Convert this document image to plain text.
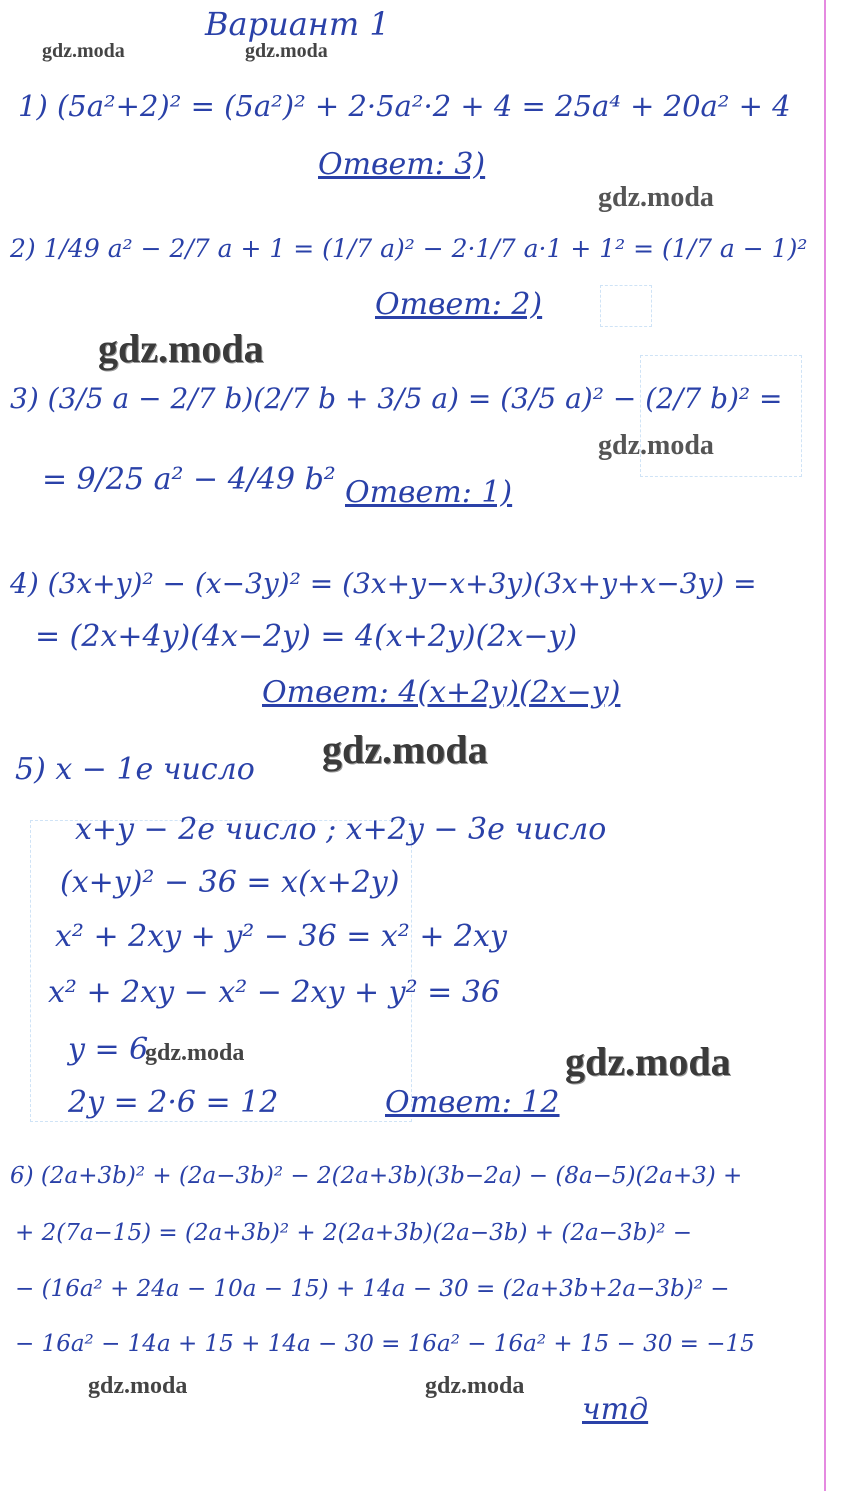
Вариант 1
1) (5a²+2)² = (5a²)² + 2·5a²·2 + 4 = 25a⁴ + 20a² + 4
Ответ: 3)
2) 1/49 a² − 2/7 a + 1 = (1/7 a)² − 2·1/7 a·1 + 1² = (1/7 a − 1)²
Ответ: 2)
3) (3/5 a − 2/7 b)(2/7 b + 3/5 a) = (3/5 a)² − (2/7 b)² =
= 9/25 a² − 4/49 b² Ответ: 1)
4) (3x+y)² − (x−3y)² = (3x+y−x+3y)(3x+y+x−3y) =
= (2x+4y)(4x−2y) = 4(x+2y)(2x−y)
Ответ: 4(x+2y)(2x−y)
5) x − 1е число
x+y − 2е число ; x+2y − 3е число
(x+y)² − 36 = x(x+2y)
x² + 2xy + y² − 36 = x² + 2xy
x² + 2xy − x² − 2xy + y² = 36
y = 6
2y = 2·6 = 12	Ответ: 12
6) (2a+3b)² + (2a−3b)² − 2(2a+3b)(3b−2a) − (8a−5)(2a+3) +
+ 2(7a−15) = (2a+3b)² + 2(2a+3b)(2a−3b) + (2a−3b)² −
− (16a² + 24a − 10a − 15) + 14a − 30 = (2a+3b+2a−3b)² −
− 16a² − 14a + 15 + 14a − 30 = 16a² − 16a² + 15 − 30 = −15
чтд
gdz.moda	gdz.moda
gdz.moda
gdz.moda
gdz.moda
gdz.moda
gdz.moda	gdz.moda
gdz.moda	gdz.moda
